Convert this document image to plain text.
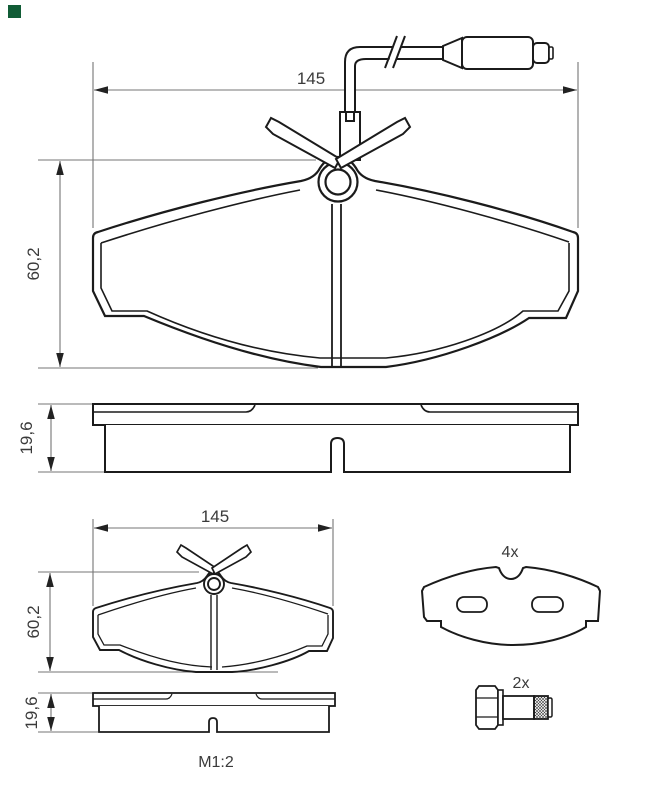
145
60,2
19,6
145
60,2
19,6
4x
2x
M1:2
